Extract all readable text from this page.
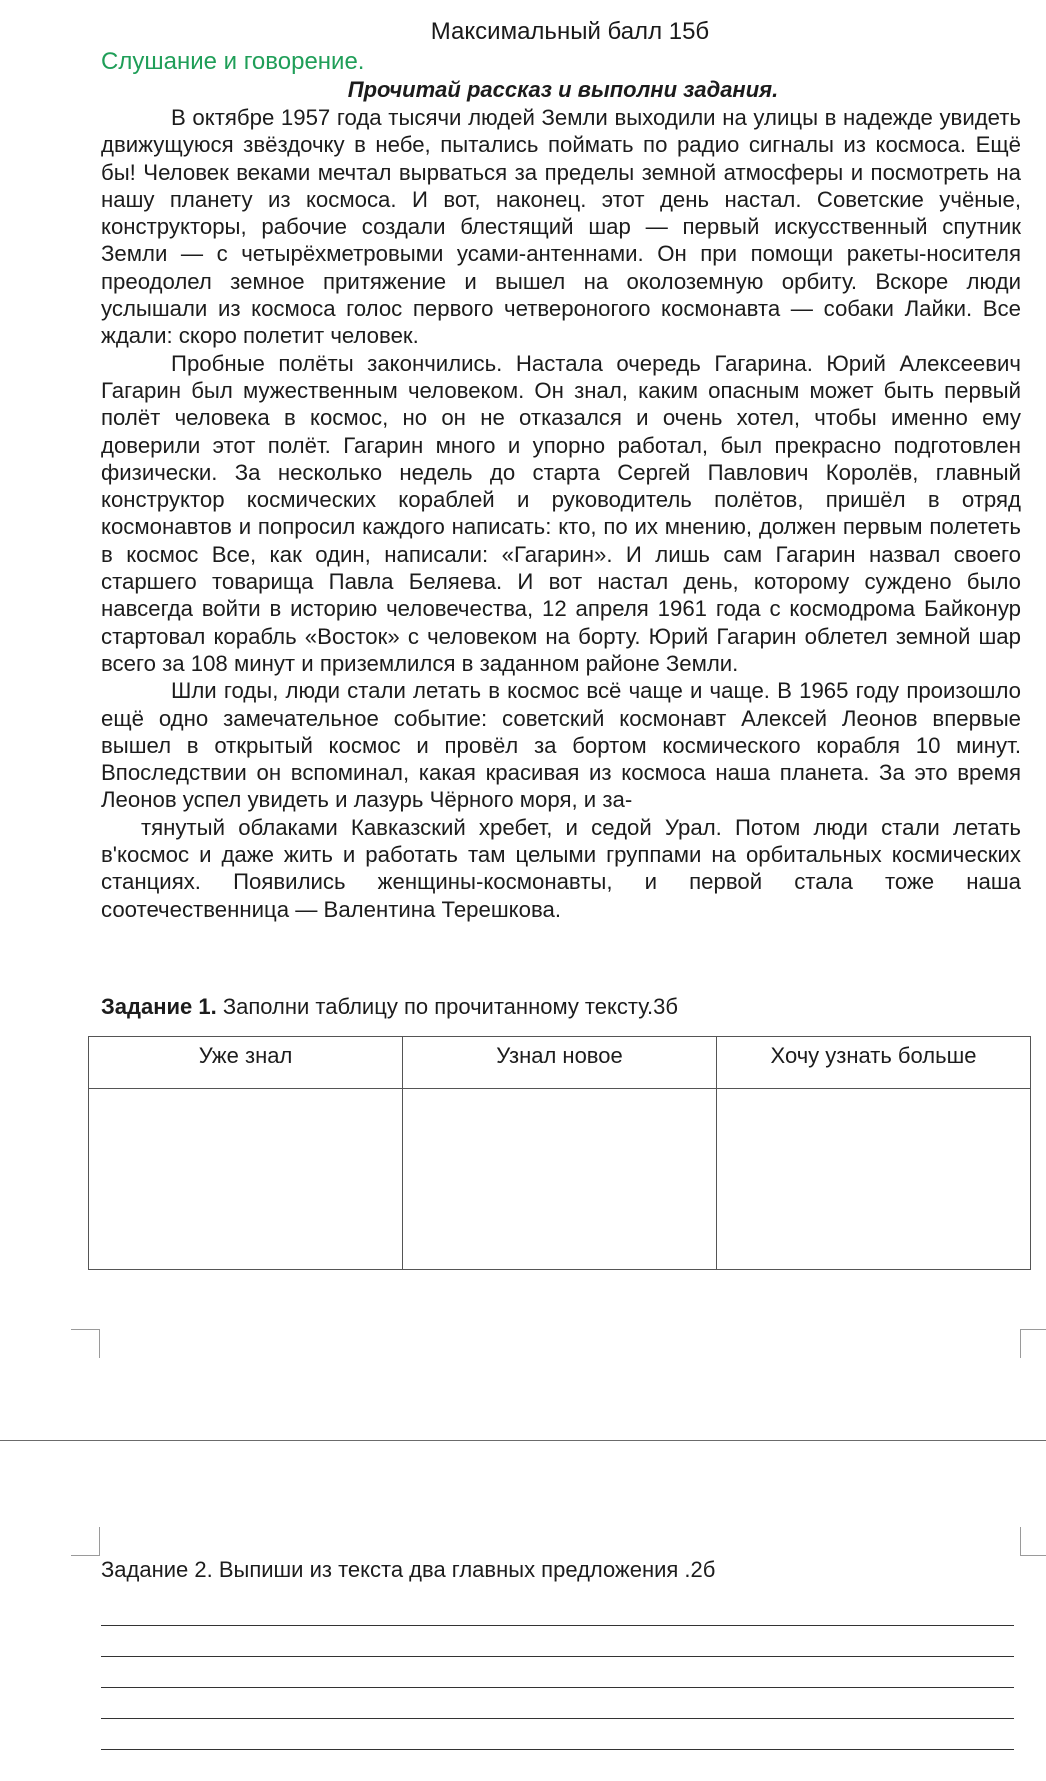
Максимальный балл 15б
Слушание и говорение.
Прочитай рассказ и выполни задания.

В октябре 1957 года тысячи людей Земли выходили на улицы в надежде увидеть движущуюся звёздочку в небе, пытались поймать по радио сигналы из космоса. Ещё бы! Человек веками мечтал вырваться за пределы земной атмосферы и посмотреть на нашу планету из космоса. И вот, наконец. этот день настал. Советские учёные, конструкторы, рабочие создали блестящий шар — первый искусственный спутник Земли — с четырёхметровыми усами-антеннами. Он при помощи ракеты-носителя преодолел земное притяжение и вышел на околоземную орбиту. Вскоре люди услышали из космоса голос первого четвероногого космонавта — собаки Лайки. Все ждали: скоро полетит человек.

Пробные полёты закончились. Настала очередь Гагарина. Юрий Алексеевич Гагарин был мужественным человеком. Он знал, каким опасным может быть первый полёт человека в космос, но он не отказался и очень хотел, чтобы именно ему доверили этот полёт. Гагарин много и упорно работал, был прекрасно подготовлен физически. За несколько недель до старта Сергей Павлович Королёв, главный конструктор космических кораблей и руководитель полётов, пришёл в отряд космонавтов и попросил каждого написать: кто, по их мнению, должен первым полететь в космос Все, как один, написали: «Гагарин». И лишь сам Гагарин назвал своего старшего товарища Павла Беляева. И вот настал день, которому суждено было навсегда войти в историю человечества, 12 апреля 1961 года с космодрома Байконур стартовал корабль «Восток» с человеком на борту. Юрий Гагарин облетел земной шар всего за 108 минут и приземлился в заданном районе Земли.

Шли годы, люди стали летать в космос всё чаще и чаще. В 1965 году произошло ещё одно замечательное событие: советский космонавт Алексей Леонов впервые вышел в открытый космос и провёл за бортом космического корабля 10 минут. Впоследствии он вспоминал, какая красивая из космоса наша планета. За это время Леонов успел увидеть и лазурь Чёрного моря, и за-

тянутый облаками Кавказский хребет, и седой Урал. Потом люди стали летать в'космос и даже жить и работать там целыми группами на орбитальных космических станциях. Появились женщины-космонавты, и первой стала тоже наша соотечественница — Валентина Терешкова.

Задание 1. Заполни таблицу по прочитанному тексту.3б
Уже знал	Узнал новое	Хочу узнать больше

Задание 2. Выпиши из текста два главных предложения .2б
